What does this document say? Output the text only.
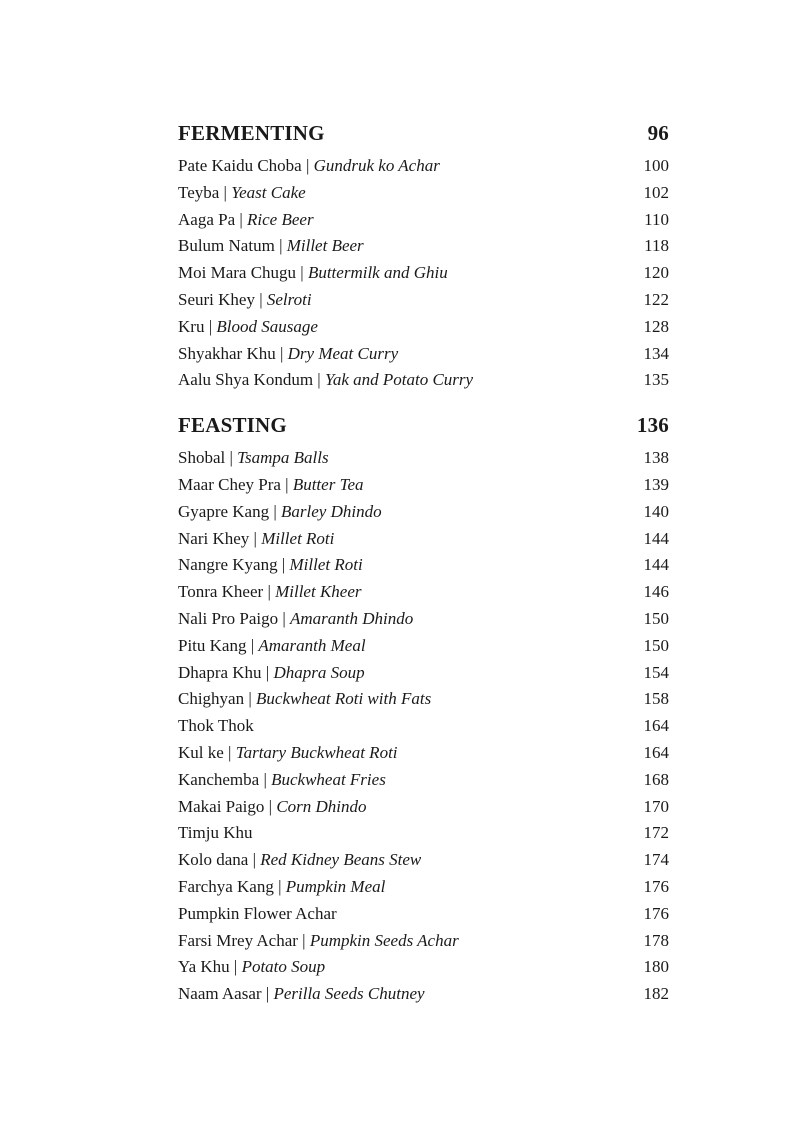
FERMENTING	96
Pate Kaidu Choba | Gundruk ko Achar	100
Teyba | Yeast Cake	102
Aaga Pa | Rice Beer	110
Bulum Natum | Millet Beer	118
Moi Mara Chugu | Buttermilk and Ghiu	120
Seuri Khey | Selroti	122
Kru | Blood Sausage	128
Shyakhar Khu | Dry Meat Curry	134
Aalu Shya Kondum | Yak and Potato Curry	135
FEASTING	136
Shobal | Tsampa Balls	138
Maar Chey Pra | Butter Tea	139
Gyapre Kang | Barley Dhindo	140
Nari Khey | Millet Roti	144
Nangre Kyang | Millet Roti	144
Tonra Kheer | Millet Kheer	146
Nali Pro Paigo | Amaranth Dhindo	150
Pitu Kang | Amaranth Meal	150
Dhapra Khu | Dhapra Soup	154
Chighyan | Buckwheat Roti with Fats	158
Thok Thok	164
Kul ke | Tartary Buckwheat Roti	164
Kanchemba | Buckwheat Fries	168
Makai Paigo | Corn Dhindo	170
Timju Khu	172
Kolo dana | Red Kidney Beans Stew	174
Farchya Kang | Pumpkin Meal	176
Pumpkin Flower Achar	176
Farsi Mrey Achar | Pumpkin Seeds Achar	178
Ya Khu | Potato Soup	180
Naam Aasar | Perilla Seeds Chutney	182
